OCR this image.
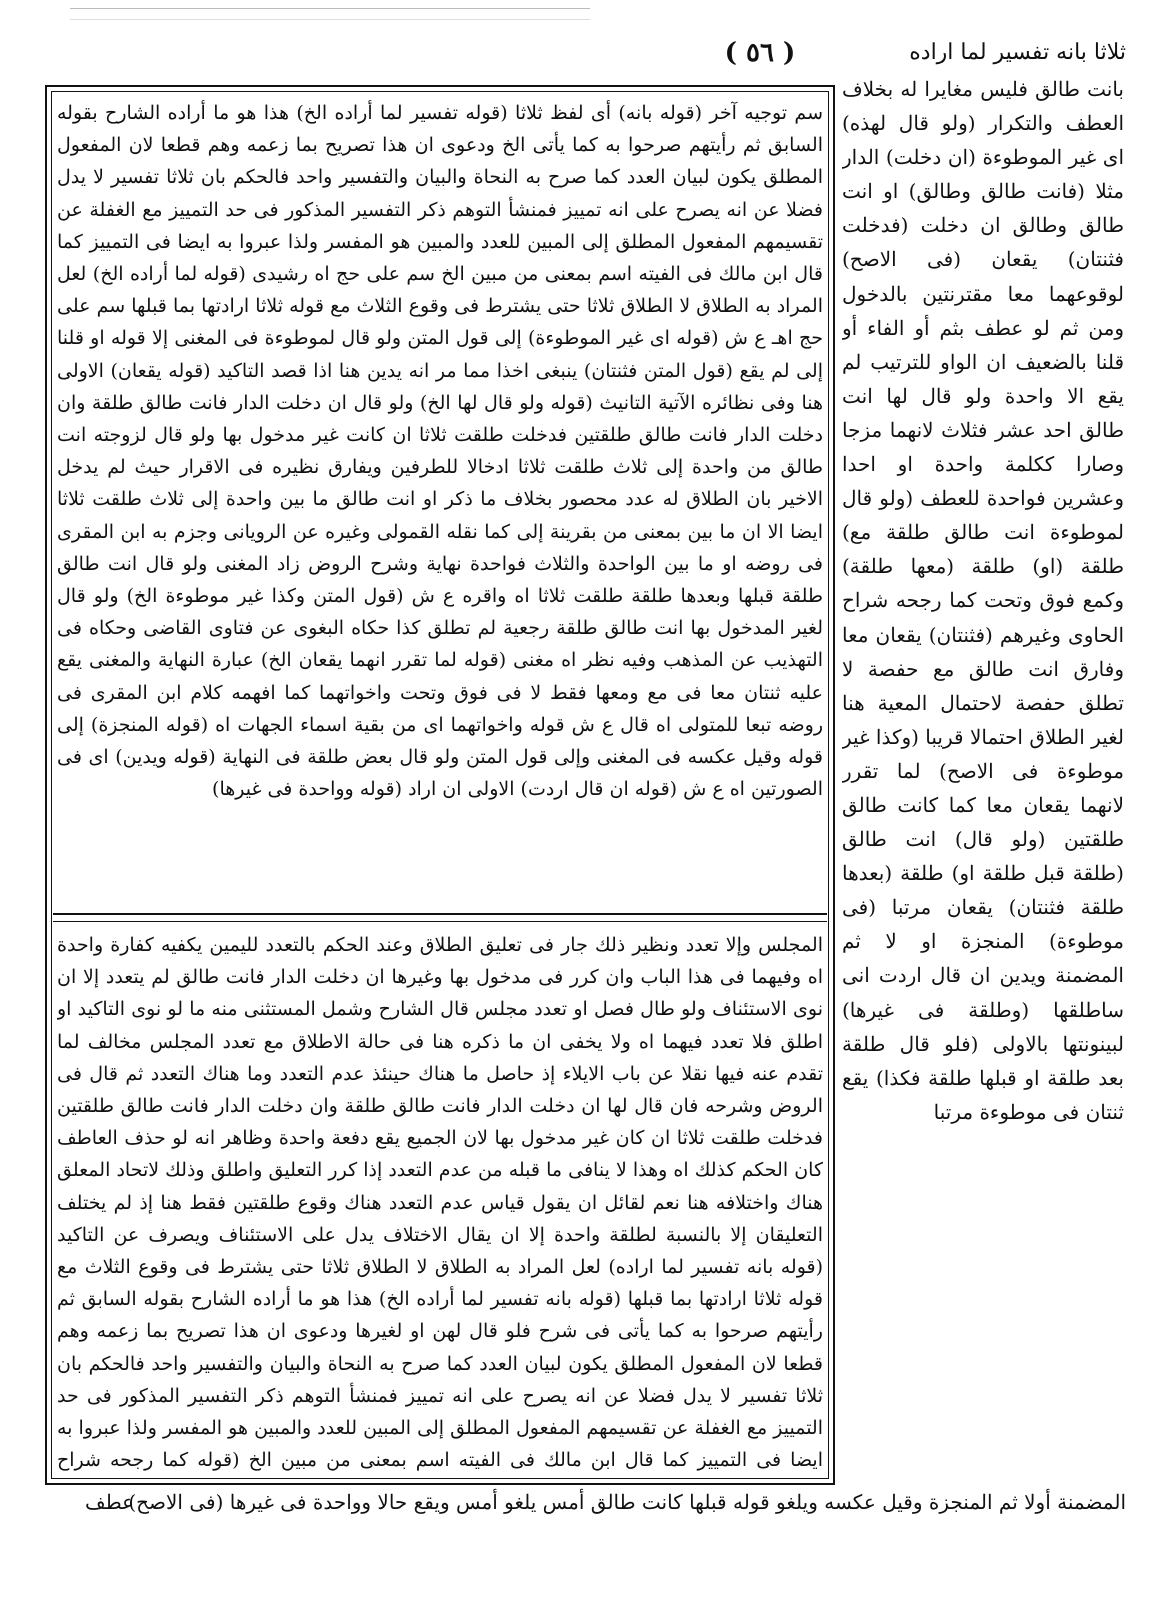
ثلاثا بانه تفسير لما اراده
( ٥٦ )
بانت طالق فليس مغايرا له بخلاف العطف والتكرار (ولو قال لهذه) اى غير الموطوءة (ان دخلت) الدار مثلا (فانت طالق وطالق) او انت طالق وطالق ان دخلت (فدخلت فثنتان) يقعان (فى الاصح) لوقوعهما معا مقترنتين بالدخول ومن ثم لو عطف بثم أو الفاء أو قلنا بالضعيف ان الواو للترتيب لم يقع الا واحدة ولو قال لها انت طالق احد عشر فثلاث لانهما مزجا وصارا ككلمة واحدة او احدا وعشرين فواحدة للعطف (ولو قال لموطوءة انت طالق طلقة مع) طلقة (او) طلقة (معها طلقة) وكمع فوق وتحت كما رجحه شراح الحاوى وغيرهم (فثنتان) يقعان معا وفارق انت طالق مع حفصة لا تطلق حفصة لاحتمال المعية هنا لغير الطلاق احتمالا قريبا (وكذا غير موطوءة فى الاصح) لما تقرر لانهما يقعان معا كما كانت طالق طلقتين (ولو قال) انت طالق (طلقة قبل طلقة او) طلقة (بعدها طلقة فثنتان) يقعان مرتبا (فى موطوءة) المنجزة او لا ثم المضمنة ويدين ان قال اردت انى ساطلقها (وطلقة فى غيرها) لبينونتها بالاولى (فلو قال طلقة بعد طلقة او قبلها طلقة فكذا) يقع ثنتان فى موطوءة مرتبا
سم توجيه آخر (قوله بانه) أى لفظ ثلاثا (قوله تفسير لما أراده الخ) هذا هو ما أراده الشارح بقوله السابق ثم رأيتهم صرحوا به كما يأتى الخ ودعوى ان هذا تصريح بما زعمه وهم قطعا لان المفعول المطلق يكون لبيان العدد كما صرح به النحاة والبيان والتفسير واحد فالحكم بان ثلاثا تفسير لا يدل فضلا عن انه يصرح على انه تمييز فمنشأ التوهم ذكر التفسير المذكور فى حد التمييز مع الغفلة عن تقسيمهم المفعول المطلق إلى المبين للعدد والمبين هو المفسر ولذا عبروا به ايضا فى التمييز كما قال ابن مالك فى الفيته اسم بمعنى من مبين الخ سم على حج اه رشيدى (قوله لما أراده الخ) لعل المراد به الطلاق لا الطلاق ثلاثا حتى يشترط فى وقوع الثلاث مع قوله ثلاثا ارادتها بما قبلها سم على حج اهـ ع ش (قوله اى غير الموطوءة) إلى قول المتن ولو قال لموطوءة فى المغنى إلا قوله او قلنا إلى لم يقع (قول المتن فثنتان) ينبغى اخذا مما مر انه يدين هنا اذا قصد التاكيد (قوله يقعان) الاولى هنا وفى نظائره الآتية التانيث (قوله ولو قال لها الخ) ولو قال ان دخلت الدار فانت طالق طلقة وان دخلت الدار فانت طالق طلقتين فدخلت طلقت ثلاثا ان كانت غير مدخول بها ولو قال لزوجته انت طالق من واحدة إلى ثلاث طلقت ثلاثا ادخالا للطرفين ويفارق نظيره فى الاقرار حيث لم يدخل الاخير بان الطلاق له عدد محصور بخلاف ما ذكر او انت طالق ما بين واحدة إلى ثلاث طلقت ثلاثا ايضا الا ان ما بين بمعنى من بقرينة إلى كما نقله القمولى وغيره عن الرويانى وجزم به ابن المقرى فى روضه او ما بين الواحدة والثلاث فواحدة نهاية وشرح الروض زاد المغنى ولو قال انت طالق طلقة قبلها وبعدها طلقة طلقت ثلاثا اه واقره ع ش (قول المتن وكذا غير موطوءة الخ) ولو قال لغير المدخول بها انت طالق طلقة رجعية لم تطلق كذا حكاه البغوى عن فتاوى القاضى وحكاه فى التهذيب عن المذهب وفيه نظر اه مغنى (قوله لما تقرر انهما يقعان الخ) عبارة النهاية والمغنى يقع عليه ثنتان معا فى مع ومعها فقط لا فى فوق وتحت واخواتهما كما افهمه كلام ابن المقرى فى روضه تبعا للمتولى اه قال ع ش قوله واخواتهما اى من بقية اسماء الجهات اه (قوله المنجزة) إلى قوله وقيل عكسه فى المغنى وإلى قول المتن ولو قال بعض طلقة فى النهاية (قوله ويدين) اى فى الصورتين اه ع ش (قوله ان قال اردت) الاولى ان اراد (قوله وواحدة فى غيرها)
المجلس وإلا تعدد ونظير ذلك جار فى تعليق الطلاق وعند الحكم بالتعدد لليمين يكفيه كفارة واحدة اه وفيهما فى هذا الباب وان كرر فى مدخول بها وغيرها ان دخلت الدار فانت طالق لم يتعدد إلا ان نوى الاستئناف ولو طال فصل او تعدد مجلس قال الشارح وشمل المستثنى منه ما لو نوى التاكيد او اطلق فلا تعدد فيهما اه ولا يخفى ان ما ذكره هنا فى حالة الاطلاق مع تعدد المجلس مخالف لما تقدم عنه فيها نقلا عن باب الايلاء إذ حاصل ما هناك حينئذ عدم التعدد وما هناك التعدد ثم قال فى الروض وشرحه فان قال لها ان دخلت الدار فانت طالق طلقة وان دخلت الدار فانت طالق طلقتين فدخلت طلقت ثلاثا ان كان غير مدخول بها لان الجميع يقع دفعة واحدة وظاهر انه لو حذف العاطف كان الحكم كذلك اه وهذا لا ينافى ما قبله من عدم التعدد إذا كرر التعليق واطلق وذلك لاتحاد المعلق هناك واختلافه هنا نعم لقائل ان يقول قياس عدم التعدد هناك وقوع طلقتين فقط هنا إذ لم يختلف التعليقان إلا بالنسبة لطلقة واحدة إلا ان يقال الاختلاف يدل على الاستئناف ويصرف عن التاكيد (قوله بانه تفسير لما اراده) لعل المراد به الطلاق لا الطلاق ثلاثا حتى يشترط فى وقوع الثلاث مع قوله ثلاثا ارادتها بما قبلها (قوله بانه تفسير لما أراده الخ) هذا هو ما أراده الشارح بقوله السابق ثم رأيتهم صرحوا به كما يأتى فى شرح فلو قال لهن او لغيرها ودعوى ان هذا تصريح بما زعمه وهم قطعا لان المفعول المطلق يكون لبيان العدد كما صرح به النحاة والبيان والتفسير واحد فالحكم بان ثلاثا تفسير لا يدل فضلا عن انه يصرح على انه تمييز فمنشأ التوهم ذكر التفسير المذكور فى حد التمييز مع الغفلة عن تقسيمهم المفعول المطلق إلى المبين للعدد والمبين هو المفسر ولذا عبروا به ايضا فى التمييز كما قال ابن مالك فى الفيته اسم بمعنى من مبين الخ (قوله كما رجحه شراح
المضمنة أولا ثم المنجزة وقيل عكسه ويلغو قوله قبلها كانت طالق أمس يلغو أمس ويقع حالا وواحدة فى غيرها (فى الاصح)
عطف
